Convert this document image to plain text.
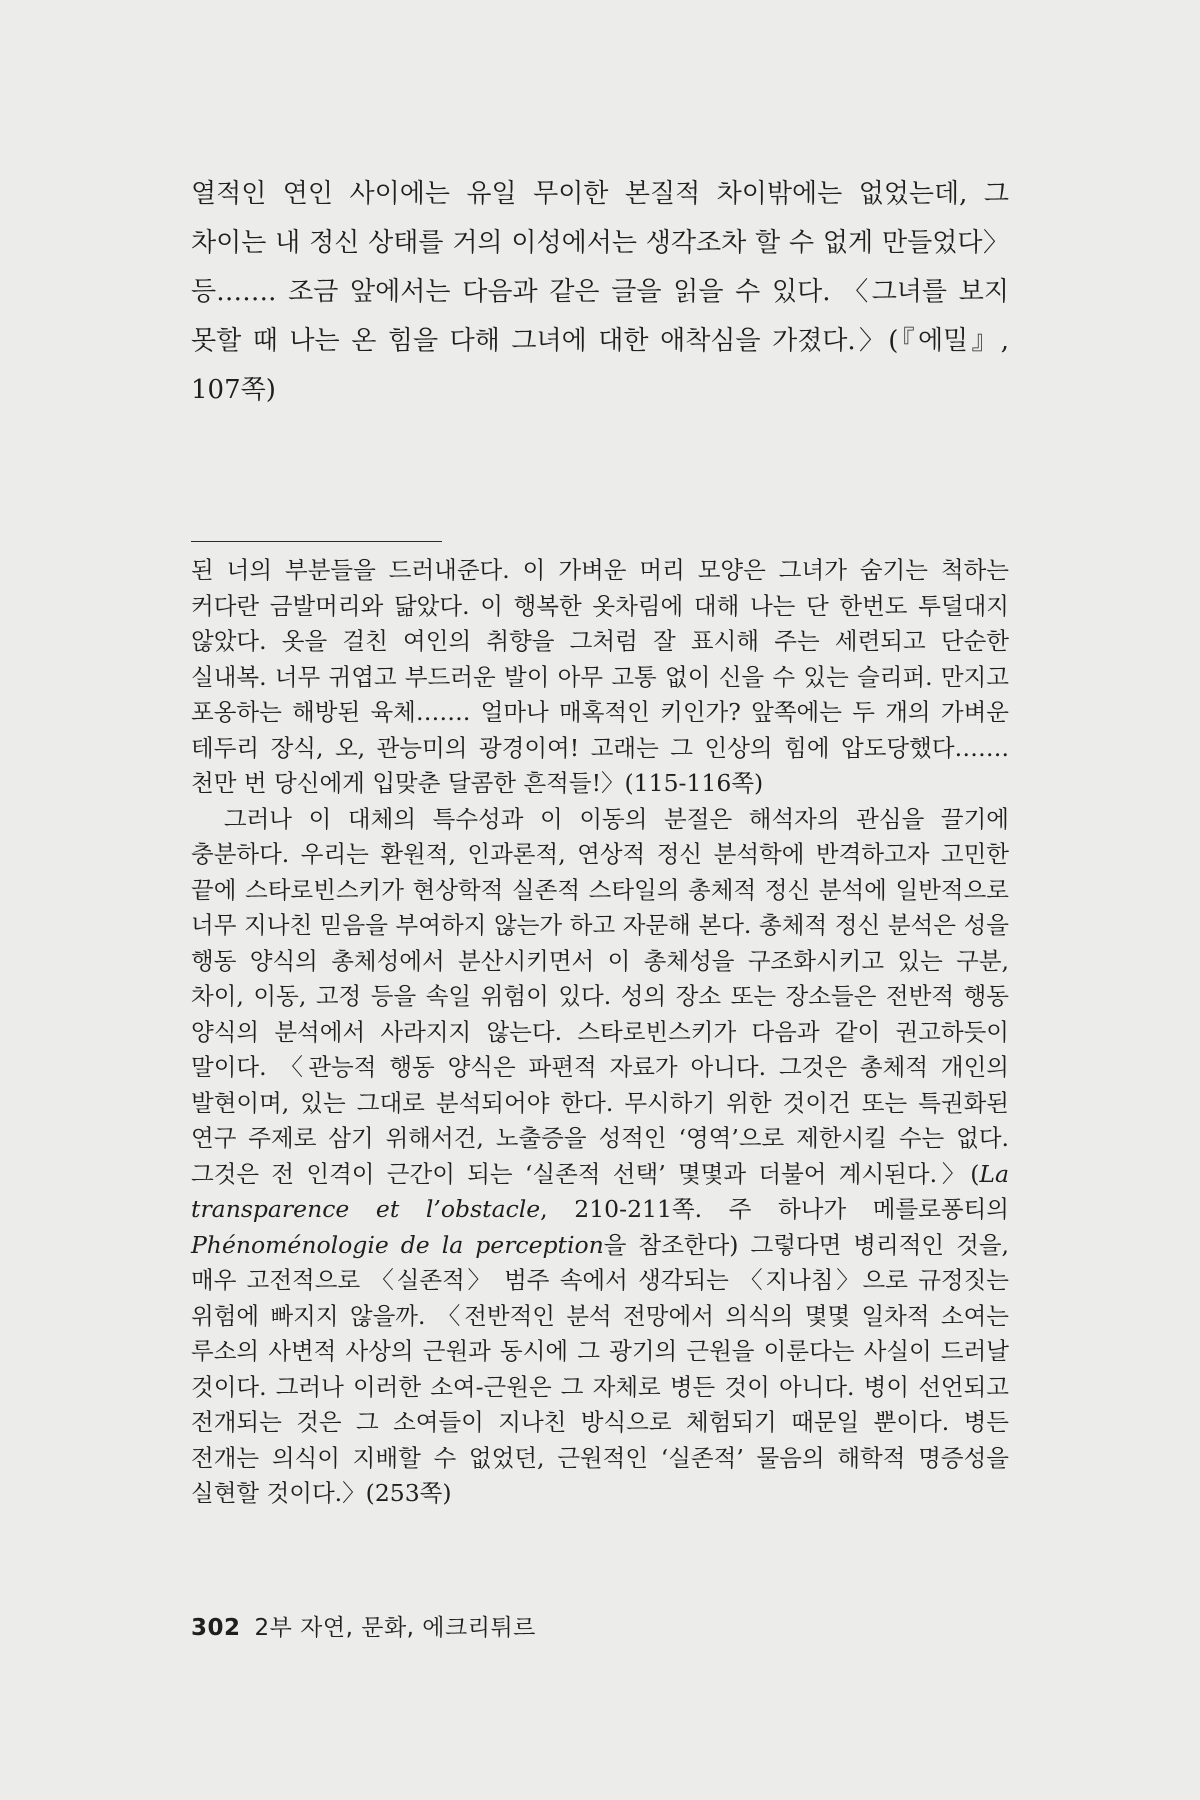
열적인 연인 사이에는 유일 무이한 본질적 차이밖에는 없었는데, 그 차이는 내 정신 상태를 거의 이성에서는 생각조차 할 수 없게 만들었다〉 등……. 조금 앞에서는 다음과 같은 글을 읽을 수 있다. 〈그녀를 보지 못할 때 나는 온 힘을 다해 그녀에 대한 애착심을 가졌다.〉(『에밀』, 107쪽)

된 너의 부분들을 드러내준다. 이 가벼운 머리 모양은 그녀가 숨기는 척하는 커다란 금발머리와 닮았다. 이 행복한 옷차림에 대해 나는 단 한번도 투덜대지 않았다. 옷을 걸친 여인의 취향을 그처럼 잘 표시해 주는 세련되고 단순한 실내복. 너무 귀엽고 부드러운 발이 아무 고통 없이 신을 수 있는 슬리퍼. 만지고 포옹하는 해방된 육체……. 얼마나 매혹적인 키인가? 앞쪽에는 두 개의 가벼운 테두리 장식, 오, 관능미의 광경이여! 고래는 그 인상의 힘에 압도당했다……. 천만 번 당신에게 입맞춘 달콤한 흔적들!〉(115-116쪽)

그러나 이 대체의 특수성과 이 이동의 분절은 해석자의 관심을 끌기에 충분하다. 우리는 환원적, 인과론적, 연상적 정신 분석학에 반격하고자 고민한 끝에 스타로빈스키가 현상학적 실존적 스타일의 총체적 정신 분석에 일반적으로 너무 지나친 믿음을 부여하지 않는가 하고 자문해 본다. 총체적 정신 분석은 성을 행동 양식의 총체성에서 분산시키면서 이 총체성을 구조화시키고 있는 구분, 차이, 이동, 고정 등을 속일 위험이 있다. 성의 장소 또는 장소들은 전반적 행동 양식의 분석에서 사라지지 않는다. 스타로빈스키가 다음과 같이 권고하듯이 말이다. 〈관능적 행동 양식은 파편적 자료가 아니다. 그것은 총체적 개인의 발현이며, 있는 그대로 분석되어야 한다. 무시하기 위한 것이건 또는 특권화된 연구 주제로 삼기 위해서건, 노출증을 성적인 ‘영역’으로 제한시킬 수는 없다. 그것은 전 인격이 근간이 되는 ‘실존적 선택’ 몇몇과 더불어 계시된다.〉(La transparence et l’obstacle, 210-211쪽. 주 하나가 메를로퐁티의 Phénoménologie de la perception을 참조한다) 그렇다면 병리적인 것을, 매우 고전적으로 〈실존적〉 범주 속에서 생각되는 〈지나침〉으로 규정짓는 위험에 빠지지 않을까. 〈전반적인 분석 전망에서 의식의 몇몇 일차적 소여는 루소의 사변적 사상의 근원과 동시에 그 광기의 근원을 이룬다는 사실이 드러날 것이다. 그러나 이러한 소여-근원은 그 자체로 병든 것이 아니다. 병이 선언되고 전개되는 것은 그 소여들이 지나친 방식으로 체험되기 때문일 뿐이다. 병든 전개는 의식이 지배할 수 없었던, 근원적인 ‘실존적’ 물음의 해학적 명증성을 실현할 것이다.〉(253쪽)

302 2부 자연, 문화, 에크리튀르
